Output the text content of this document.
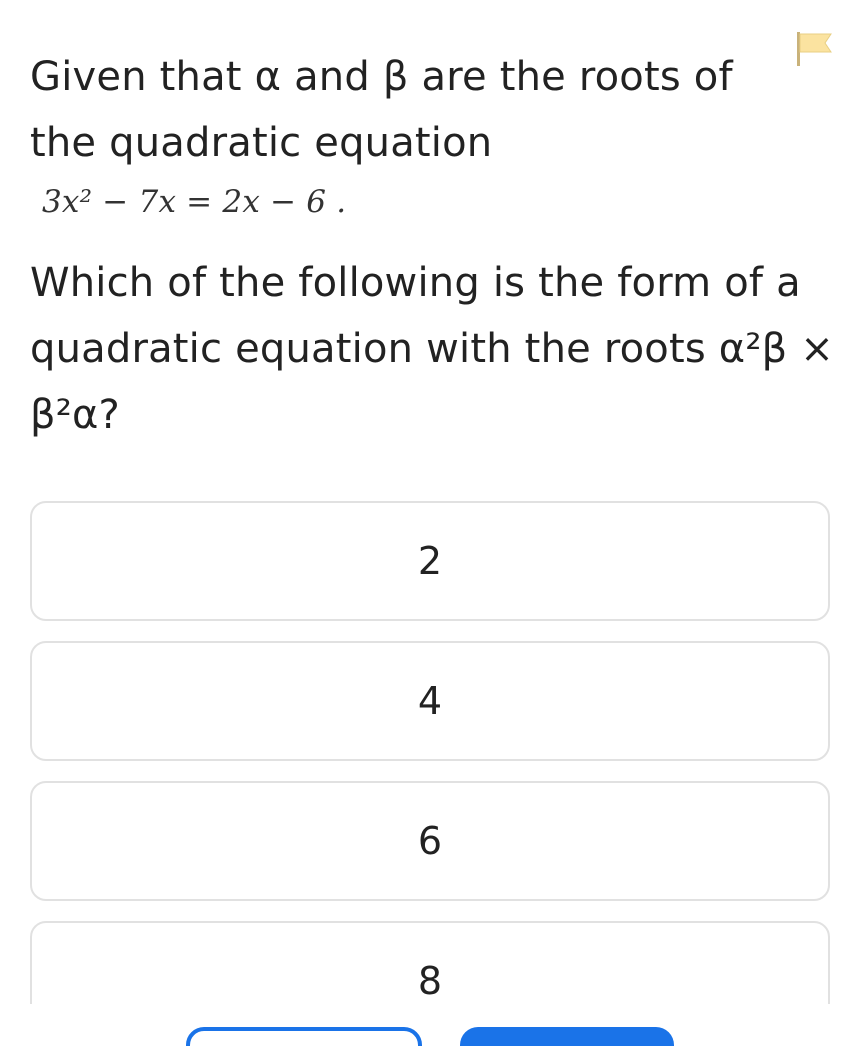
Given that α and β are the roots of
the quadratic equation
3x² − 7x = 2x − 6 .
Which of the following is the form of a
quadratic equation with the roots α²β ×
β²α?
2
4
6
8
